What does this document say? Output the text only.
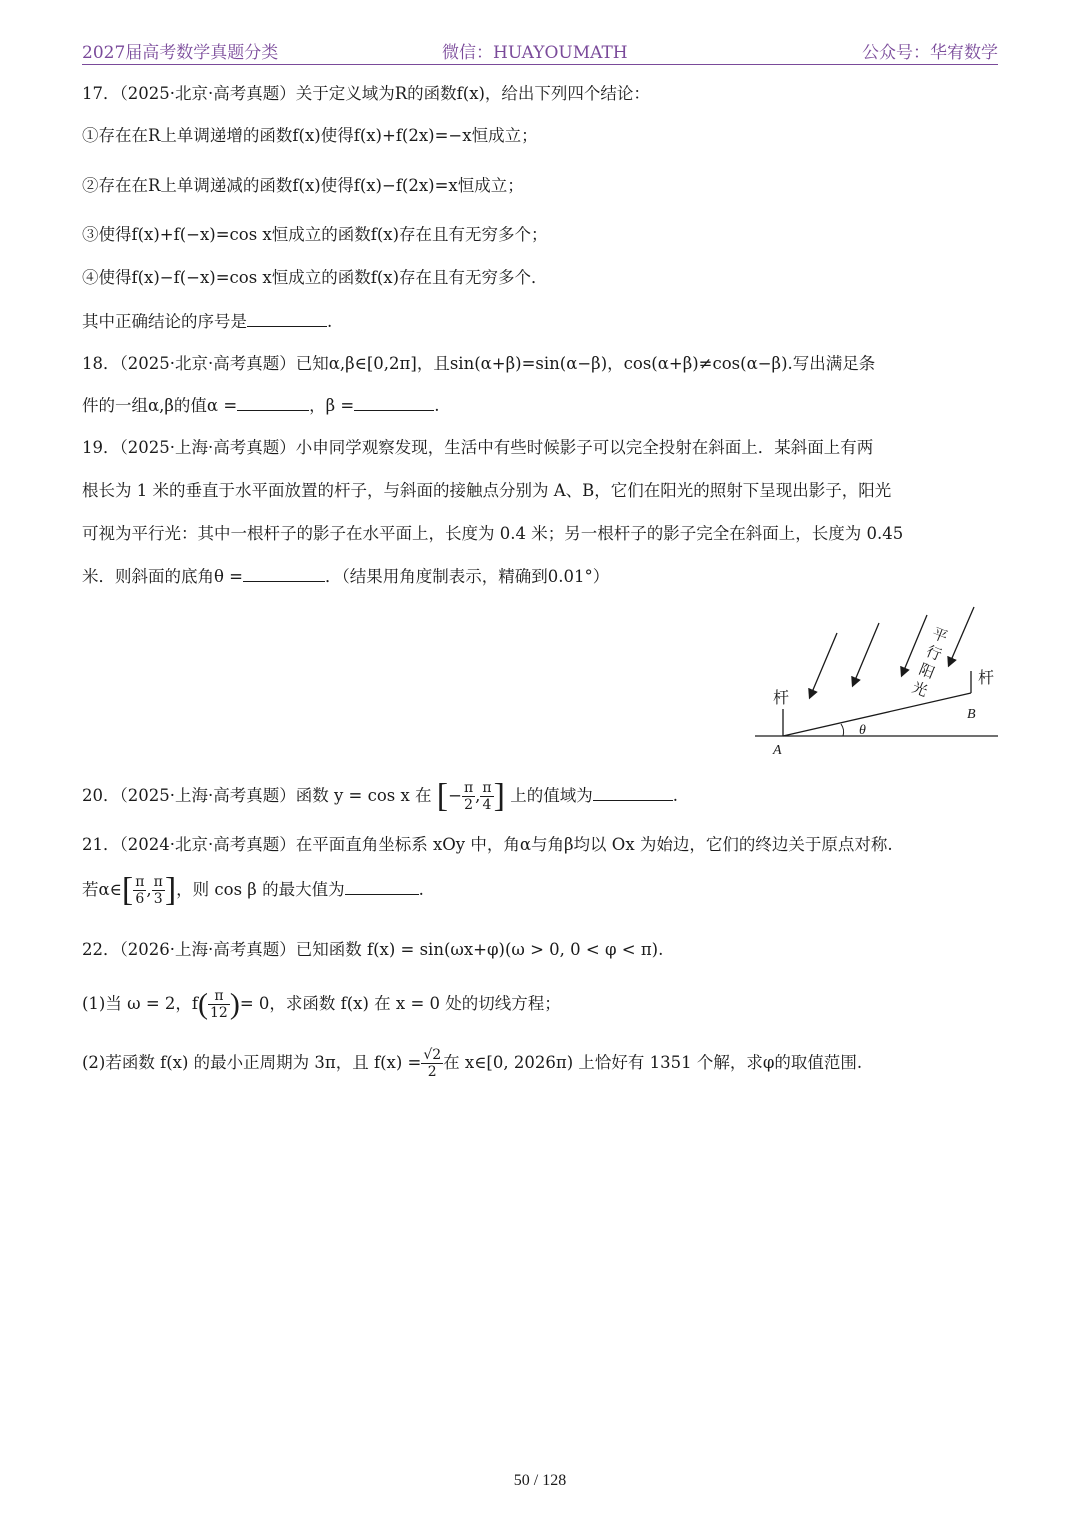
2027届高考数学真题分类	微信：HUAYOUMATH	公众号：华宥数学
17．（2025·北京·高考真题）关于定义域为R的函数f(x)，给出下列四个结论：
①存在在R上单调递增的函数f(x)使得f(x)+f(2x)=−x恒成立；
②存在在R上单调递减的函数f(x)使得f(x)−f(2x)=x恒成立；
③使得f(x)+f(−x)=cos x恒成立的函数f(x)存在且有无穷多个；
④使得f(x)−f(−x)=cos x恒成立的函数f(x)存在且有无穷多个．
其中正确结论的序号是	.
18．（2025·北京·高考真题）已知α,β∈[0,2π]，且sin(α+β)=sin(α−β)，cos(α+β)≠cos(α−β).写出满足条
件的一组α,β的值α =	，β =	.
19．（2025·上海·高考真题）小申同学观察发现，生活中有些时候影子可以完全投射在斜面上．某斜面上有两
根长为 1 米的垂直于水平面放置的杆子，与斜面的接触点分别为 A、B，它们在阳光的照射下呈现出影子，阳光
可视为平行光：其中一根杆子的影子在水平面上，长度为 0.4 米；另一根杆子的影子完全在斜面上，长度为 0.45
米．则斜面的底角θ =	．（结果用角度制表示，精确到0.01°）
杆
杆
平
行
阳
光
A
B
θ
20．（2025·上海·高考真题）函数 y = cos x 在 [− $\frac{\pi}{2}$ , $\frac{\pi}{4}$ ] 上的值域为	.
21．（2024·北京·高考真题）在平面直角坐标系 xOy 中，角α与角β均以 Ox 为始边，它们的终边关于原点对称.
若α∈[ $\frac{\pi}{6}$ , $\frac{\pi}{3}$ ]，则 cos β 的最大值为	.
22．（2026·上海·高考真题）已知函数 f(x) = sin(ωx+φ)(ω > 0, 0 < φ < π).
(1)当 ω = 2，$f( \frac{\pi}{12}$ )= 0，求函数 f(x) 在 x = 0 处的切线方程；
(2)若函数 f(x) 的最小正周期为 3π，且 $f(x) = \frac{√2}{2}$ 在 x∈[0, 2026π) 上恰好有 1351 个解，求φ的取值范围.
50 / 128
